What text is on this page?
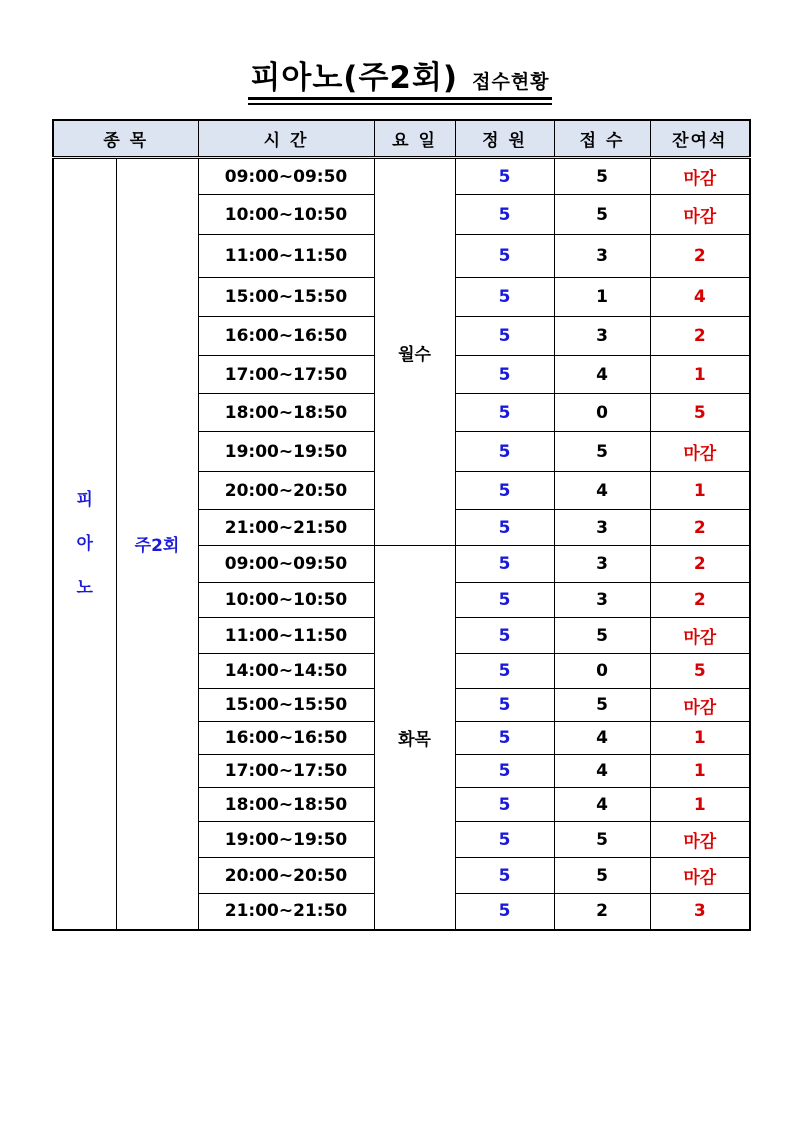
피아노(주2회) 접수현황
종 목		시 간	요 일	정 원	접 수	잔여석

피
아
노	주2회	09:00~09:50	월수	5	5	마감
		10:00~10:50		5	5	마감
		11:00~11:50		5	3	2
		15:00~15:50		5	1	4
		16:00~16:50		5	3	2
		17:00~17:50		5	4	1
		18:00~18:50		5	0	5
		19:00~19:50		5	5	마감
		20:00~20:50		5	4	1
		21:00~21:50		5	3	2
		09:00~09:50	화목	5	3	2
		10:00~10:50		5	3	2
		11:00~11:50		5	5	마감
		14:00~14:50		5	0	5
		15:00~15:50		5	5	마감
		16:00~16:50		5	4	1
		17:00~17:50		5	4	1
		18:00~18:50		5	4	1
		19:00~19:50		5	5	마감
		20:00~20:50		5	5	마감
		21:00~21:50		5	2	3
